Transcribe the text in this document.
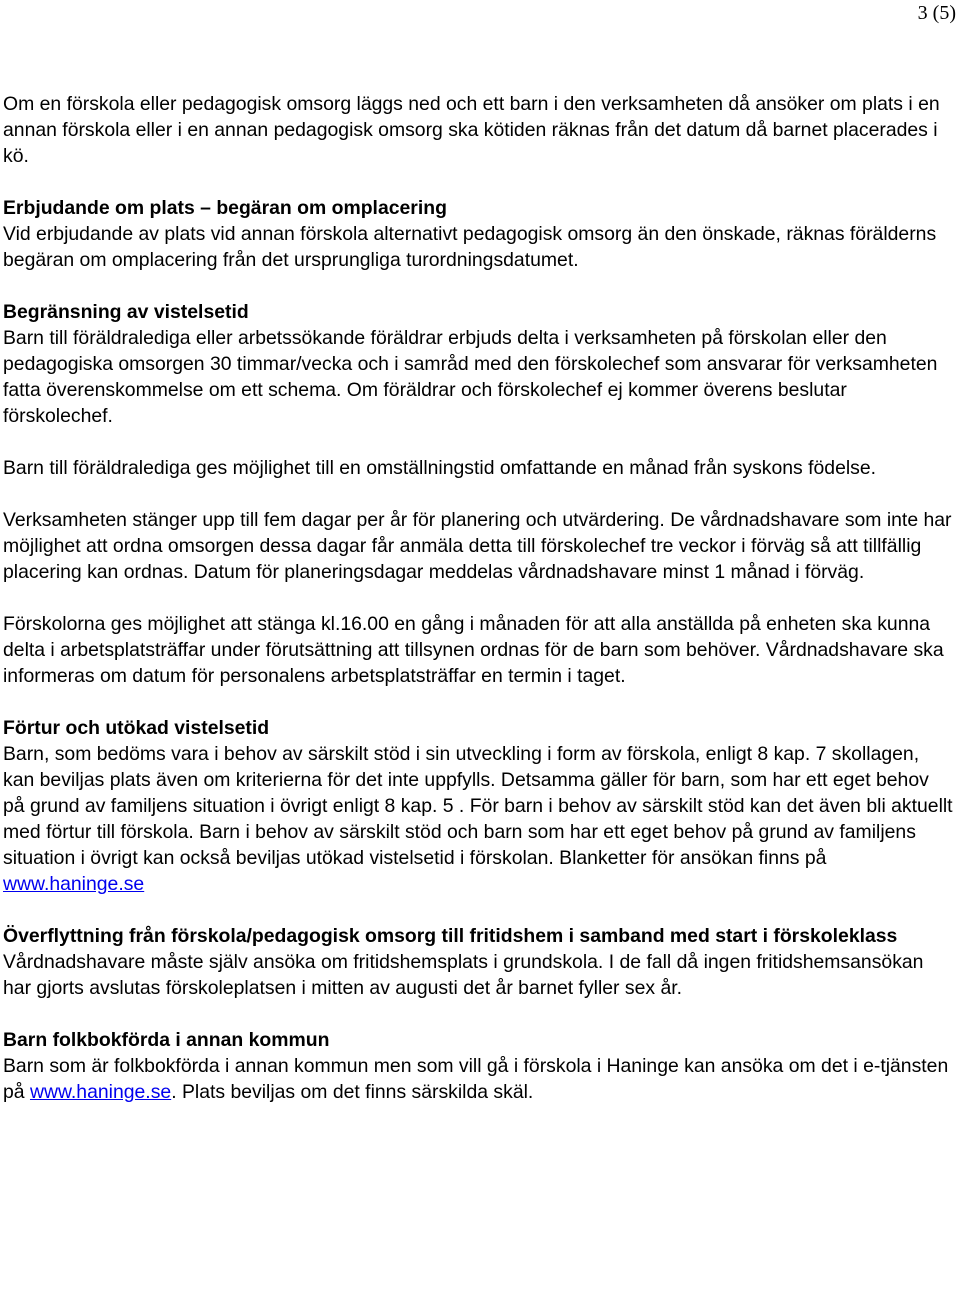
3 (5)

Om en förskola eller pedagogisk omsorg läggs ned och ett barn i den verksamheten då ansöker om plats i en annan förskola eller i en annan pedagogisk omsorg ska kötiden räknas från det datum då barnet placerades i kö.

Erbjudande om plats – begäran om omplacering

Vid erbjudande av plats vid annan förskola alternativt pedagogisk omsorg än den önskade, räknas förälderns begäran om omplacering från det ursprungliga turordningsdatumet.

Begränsning av vistelsetid

Barn till föräldralediga eller arbetssökande föräldrar erbjuds delta i verksamheten på förskolan eller den pedagogiska omsorgen 30 timmar/vecka och i samråd med den förskolechef som ansvarar för verksamheten fatta överenskommelse om ett schema. Om föräldrar och förskolechef ej kommer överens beslutar förskolechef.

Barn till föräldralediga ges möjlighet till en omställningstid omfattande en månad från syskons födelse.

Verksamheten stänger upp till fem dagar per år för planering och utvärdering. De vårdnadshavare som inte har möjlighet att ordna omsorgen dessa dagar får anmäla detta till förskolechef tre veckor i förväg så att tillfällig placering kan ordnas. Datum för planeringsdagar meddelas vårdnadshavare minst 1 månad i förväg.

Förskolorna ges möjlighet att stänga kl.16.00 en gång i månaden för att alla anställda på enheten ska kunna delta i arbetsplatsträffar under förutsättning att tillsynen ordnas för de barn som behöver. Vårdnadshavare ska informeras om datum för personalens arbetsplatsträffar en termin i taget.

Förtur och utökad vistelsetid

Barn, som bedöms vara i behov av särskilt stöd i sin utveckling i form av förskola, enligt 8 kap. 7 skollagen, kan beviljas plats även om kriterierna för det inte uppfylls. Detsamma gäller för barn, som har ett eget behov på grund av familjens situation i övrigt enligt 8 kap. 5 . För barn i behov av särskilt stöd kan det även bli aktuellt med förtur till förskola. Barn i behov av särskilt stöd och barn som har ett eget behov på grund av familjens situation i övrigt kan också beviljas utökad vistelsetid i förskolan. Blanketter för ansökan finns på www.haninge.se

Överflyttning från förskola/pedagogisk omsorg till fritidshem i samband med start i förskoleklass

Vårdnadshavare måste själv ansöka om fritidshemsplats i grundskola. I de fall då ingen fritidshemsansökan har gjorts avslutas förskoleplatsen i mitten av augusti det år barnet fyller sex år.

Barn folkbokförda i annan kommun

Barn som är folkbokförda i annan kommun men som vill gå i förskola i Haninge kan ansöka om det i e-tjänsten på www.haninge.se. Plats beviljas om det finns särskilda skäl.
